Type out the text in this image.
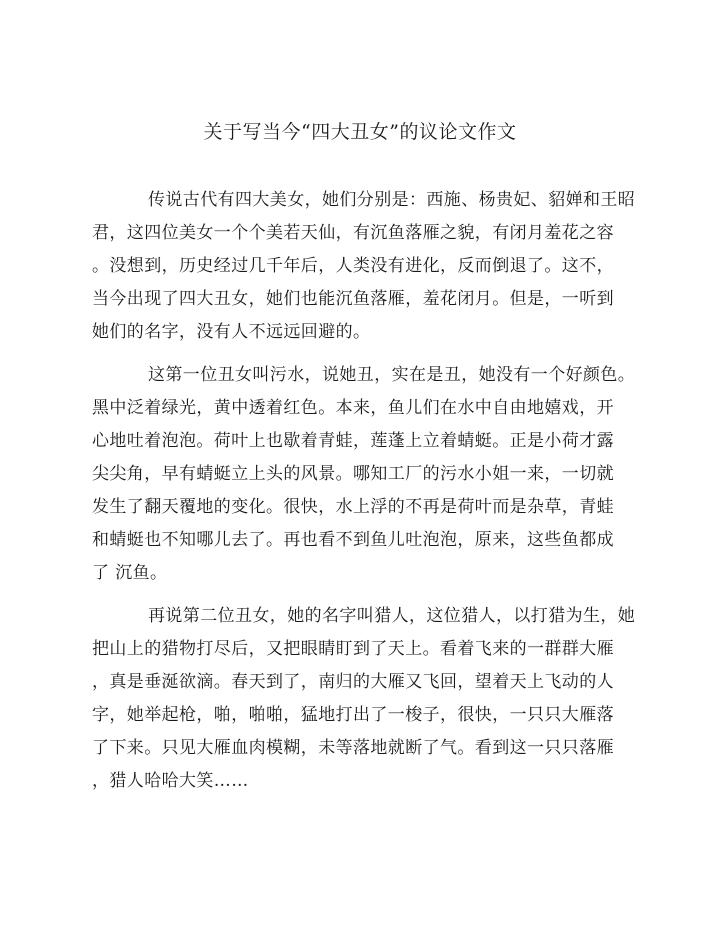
关于写当今“四大丑女”的议论文作文
传说古代有四大美女，她们分别是：西施、杨贵妃、貂婵和王昭
君，这四位美女一个个美若天仙，有沉鱼落雁之貌，有闭月羞花之容
。没想到，历史经过几千年后，人类没有进化，反而倒退了。这不，
当今出现了四大丑女，她们也能沉鱼落雁，羞花闭月。但是，一听到
她们的名字，没有人不远远回避的。
这第一位丑女叫污水，说她丑，实在是丑，她没有一个好颜色。
黑中泛着绿光，黄中透着红色。本来，鱼儿们在水中自由地嬉戏，开
心地吐着泡泡。荷叶上也歇着青蛙，莲蓬上立着蜻蜓。正是小荷才露
尖尖角，早有蜻蜓立上头的风景。哪知工厂的污水小姐一来，一切就
发生了翻天覆地的变化。很快，水上浮的不再是荷叶而是杂草，青蛙
和蜻蜓也不知哪儿去了。再也看不到鱼儿吐泡泡，原来，这些鱼都成
了 沉鱼。
再说第二位丑女，她的名字叫猎人，这位猎人，以打猎为生，她
把山上的猎物打尽后，又把眼睛盯到了天上。看着飞来的一群群大雁
，真是垂涎欲滴。春天到了，南归的大雁又飞回，望着天上飞动的人
字，她举起枪，啪，啪啪，猛地打出了一梭子，很快，一只只大雁落
了下来。只见大雁血肉模糊，未等落地就断了气。看到这一只只落雁
，猎人哈哈大笑……
